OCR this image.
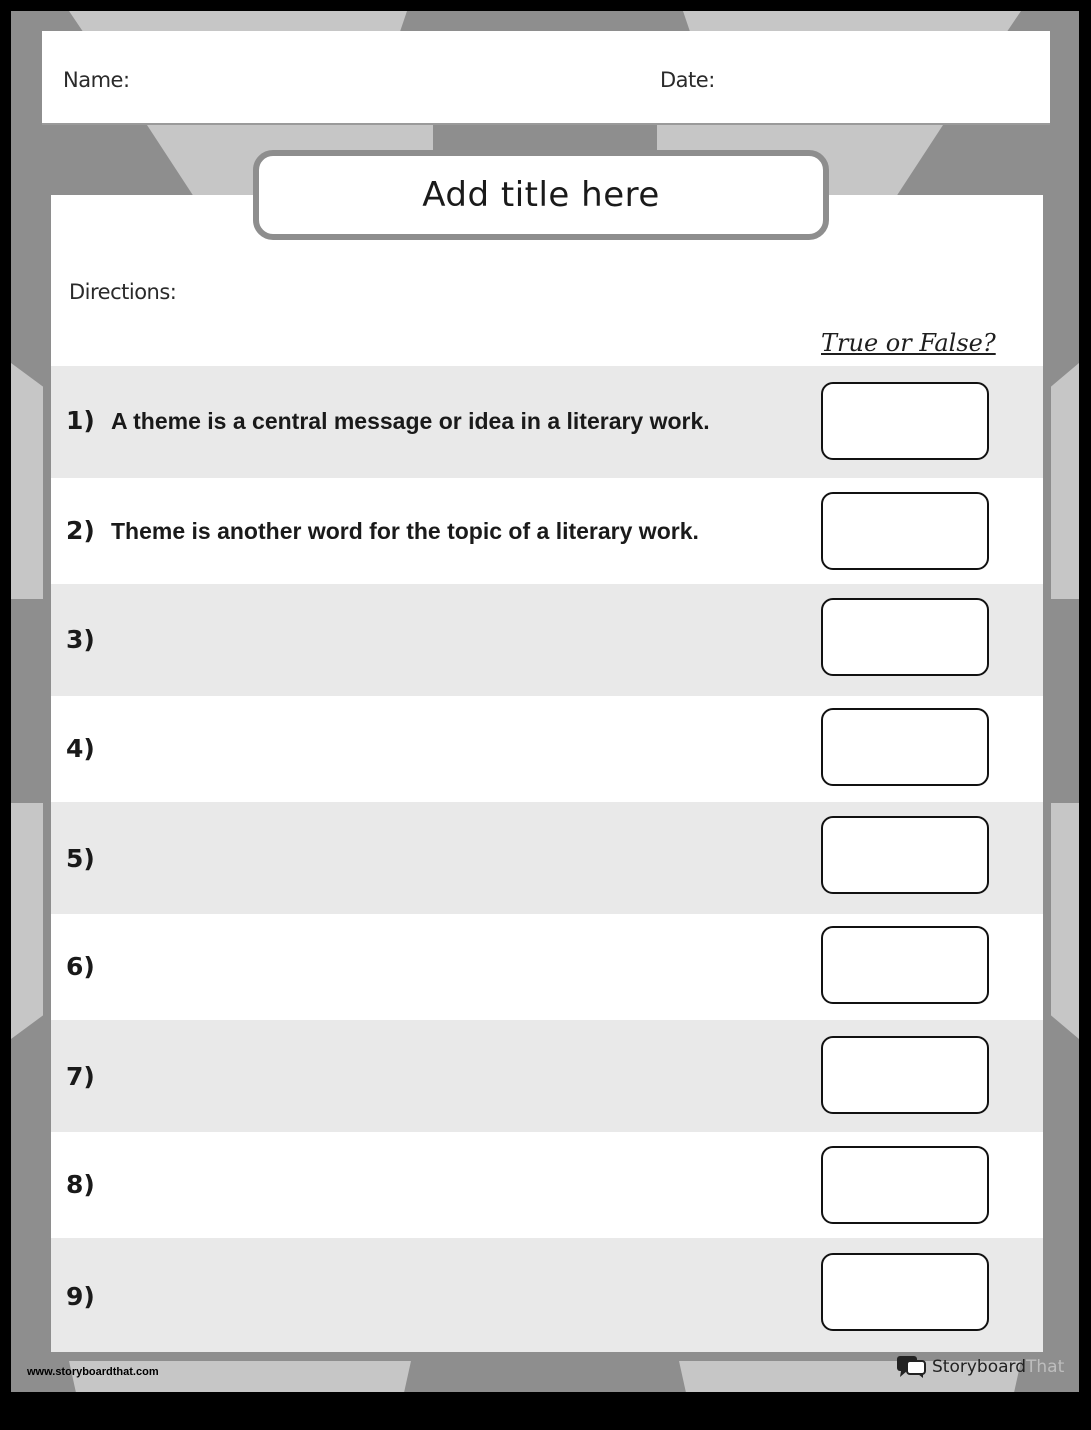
Name:	Date:
Directions:
True or False?
1) A theme is a central message or idea in a literary work.
2) Theme is another word for the topic of a literary work.
3)
4)
5)
6)
7)
8)
9)
Add title here
www.storyboardthat.com	Storyboard That
